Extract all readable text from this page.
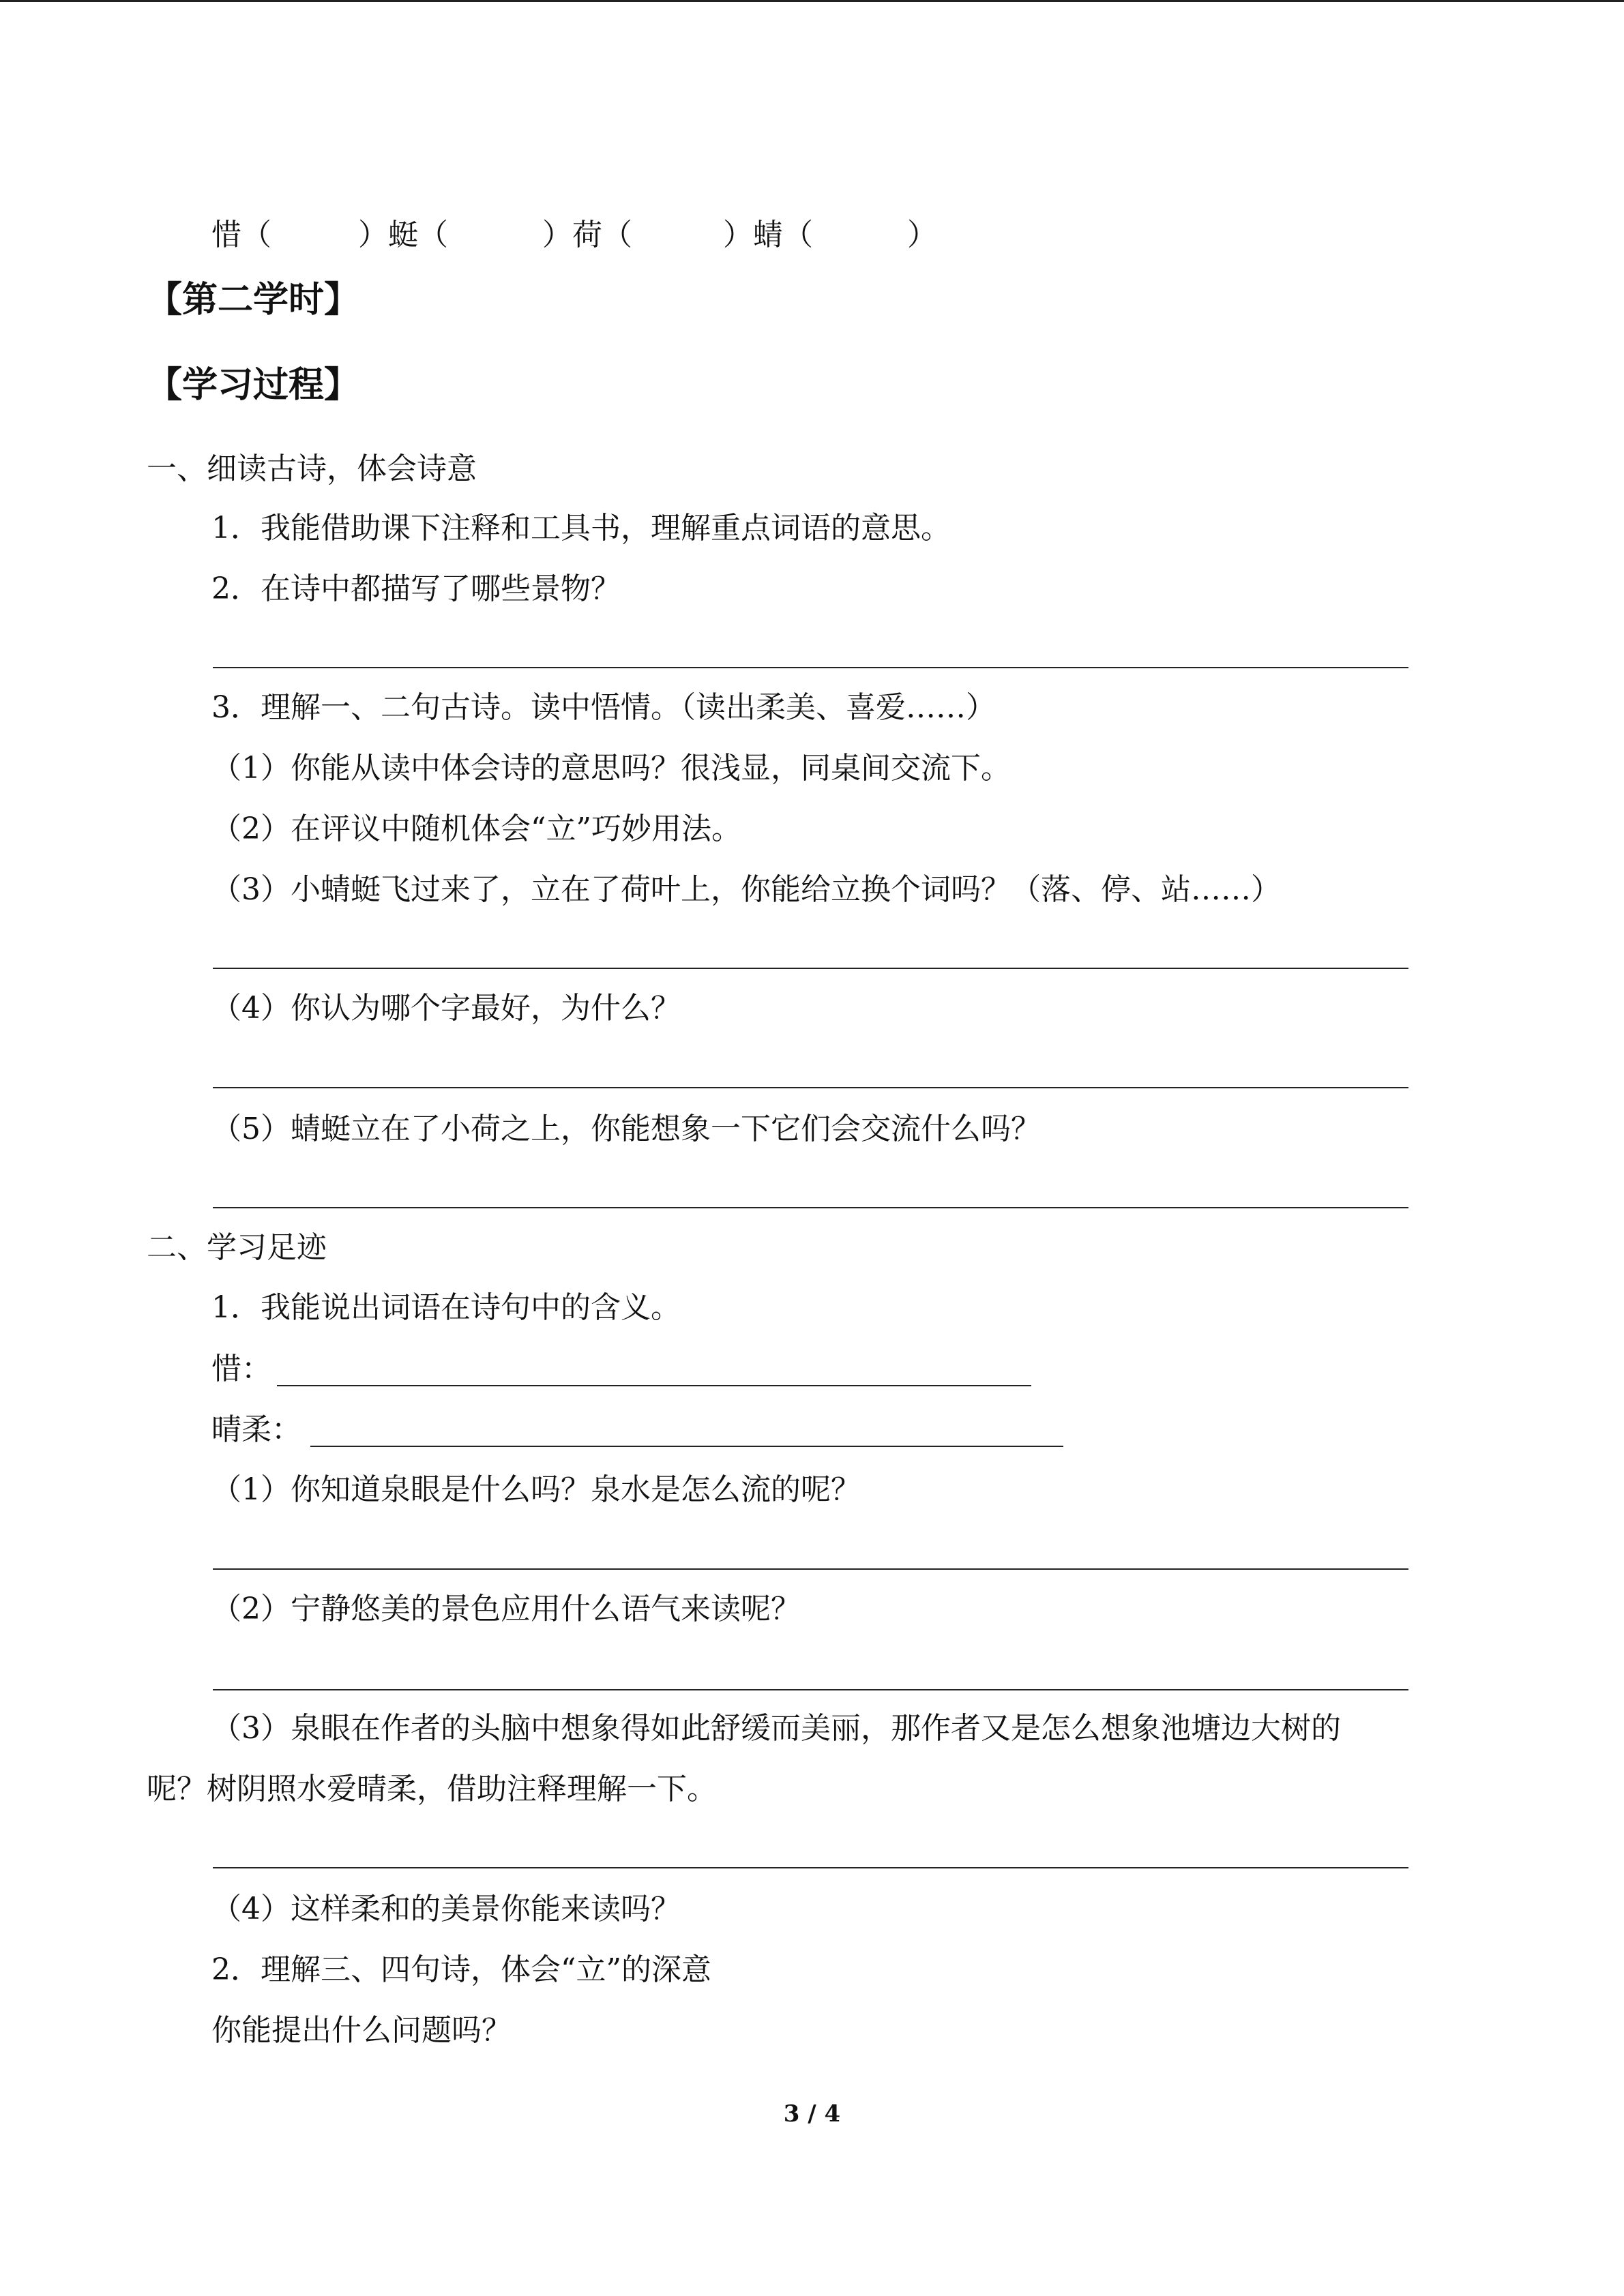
惜（	）蜓（	）荷（	）蜻（	）
【第二学时】
【学习过程】
一、细读古诗，体会诗意
1．我能借助课下注释和工具书，理解重点词语的意思。
2．在诗中都描写了哪些景物？
3．理解一、二句古诗。读中悟情。（读出柔美、喜爱……）
（1）你能从读中体会诗的意思吗？很浅显，同桌间交流下。
（2）在评议中随机体会“立”巧妙用法。
（3）小蜻蜓飞过来了，立在了荷叶上，你能给立换个词吗？（落、停、站……）
（4）你认为哪个字最好，为什么？
（5）蜻蜓立在了小荷之上，你能想象一下它们会交流什么吗？
二、学习足迹
1．我能说出词语在诗句中的含义。
惜：
晴柔：
（1）你知道泉眼是什么吗？泉水是怎么流的呢？
（2）宁静悠美的景色应用什么语气来读呢？
（3）泉眼在作者的头脑中想象得如此舒缓而美丽，那作者又是怎么想象池塘边大树的
呢？树阴照水爱晴柔，借助注释理解一下。
（4）这样柔和的美景你能来读吗？
2．理解三、四句诗，体会“立”的深意
你能提出什么问题吗？
3 / 4
